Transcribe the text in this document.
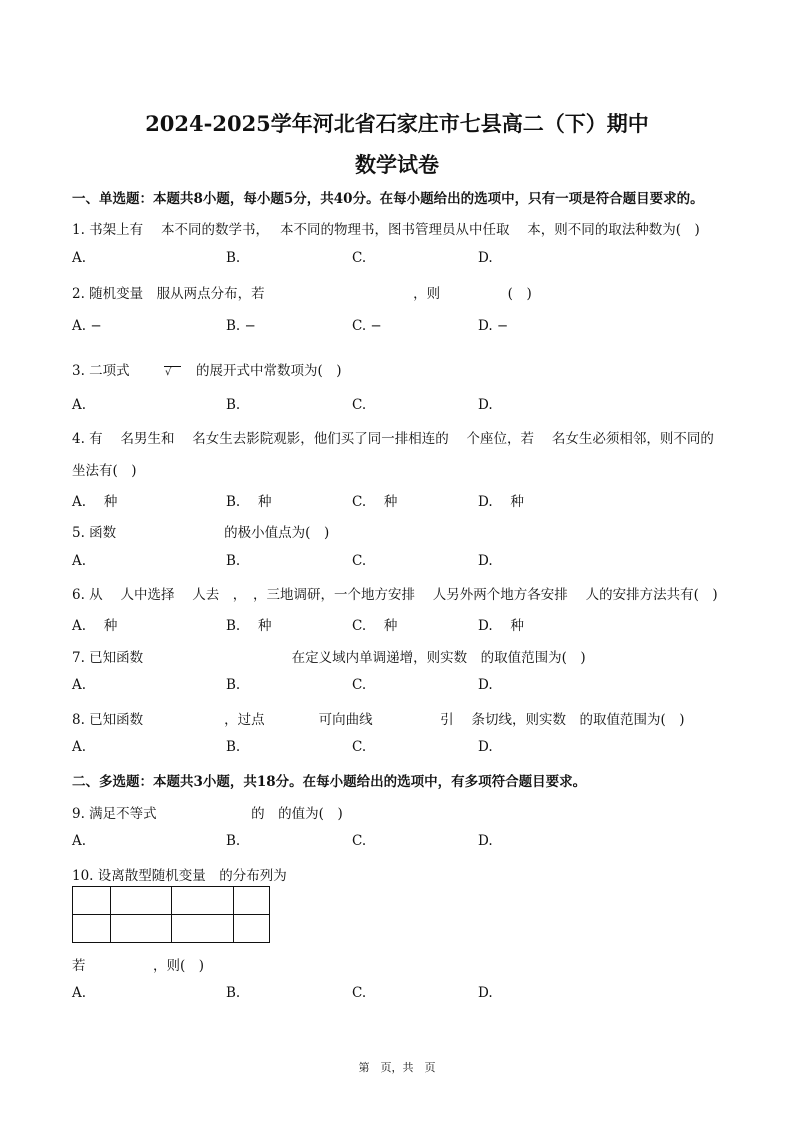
2024-2025学年河北省石家庄市七县高二（下）期中
数学试卷
一、单选题：本题共8小题，每小题5分，共40分。在每小题给出的选项中，只有一项是符合题目要求的。
1. 书架上有　 本不同的数学书，　 本不同的物理书，图书管理员从中任取　 本，则不同的取法种数为(　)
A.	B.	C.	D.
2. 随机变量　服从两点分布，若　　　　　　　　　　　，则　　　　　(　)
A. −	B. −	C. −	D. −
3. 二项式	√ 的展开式中常数项为(　)
A.	B.	C.	D.
4. 有　 名男生和　 名女生去影院观影，他们买了同一排相连的　 个座位，若　 名女生必须相邻，则不同的
坐法有(　)
A.　 种	B.　 种	C.　 种	D.　 种
5. 函数　　　　　　　　的极小值点为(　)
A.	B.	C.	D.
6. 从　 人中选择　 人去　，　，三地调研，一个地方安排　 人另外两个地方各安排　 人的安排方法共有(　)
A.　 种	B.　 种	C.　 种	D.　 种
7. 已知函数　　　　　　　　　　　在定义域内单调递增，则实数　的取值范围为(　)
A.	B.	C.	D.
8. 已知函数　　　　　　，过点　　　　可向曲线　　　　　引　 条切线，则实数　的取值范围为(　)
A.	B.	C.	D.
二、多选题：本题共3小题，共18分。在每小题给出的选项中，有多项符合题目要求。
9. 满足不等式　　　　　　　的　的值为(　)
A.	B.	C.	D.
10. 设离散型随机变量　的分布列为

若　　　　　，则(　)
A.	B.	C.	D.
第　页，共　页
